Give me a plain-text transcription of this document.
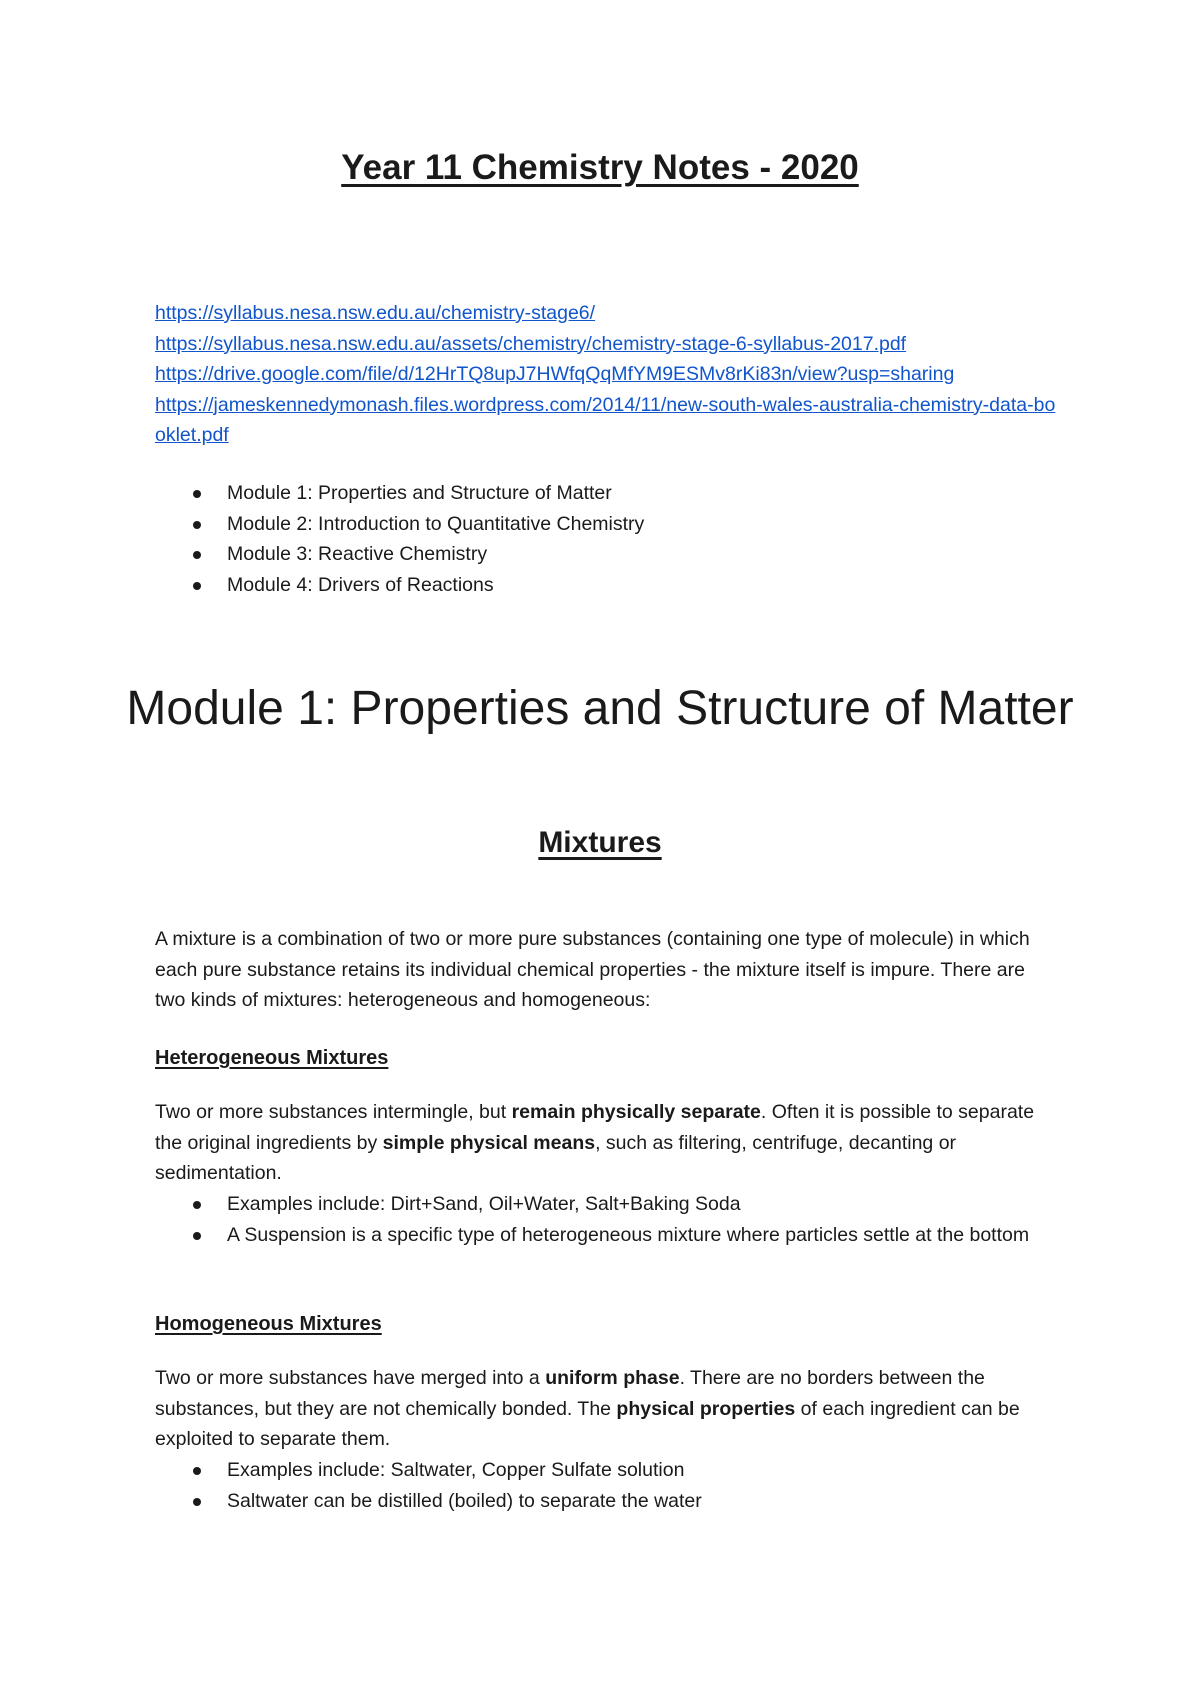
Year 11 Chemistry Notes - 2020
https://syllabus.nesa.nsw.edu.au/chemistry-stage6/
https://syllabus.nesa.nsw.edu.au/assets/chemistry/chemistry-stage-6-syllabus-2017.pdf
https://drive.google.com/file/d/12HrTQ8upJ7HWfqQqMfYM9ESMv8rKi83n/view?usp=sharing
https://jameskennedymonash.files.wordpress.com/2014/11/new-south-wales-australia-chemistry-data-booklet.pdf
Module 1: Properties and Structure of Matter
Module 2: Introduction to Quantitative Chemistry
Module 3: Reactive Chemistry
Module 4: Drivers of Reactions
Module 1: Properties and Structure of Matter
Mixtures

A mixture is a combination of two or more pure substances (containing one type of molecule) in which each pure substance retains its individual chemical properties - the mixture itself is impure. There are two kinds of mixtures: heterogeneous and homogeneous:

Heterogeneous Mixtures

Two or more substances intermingle, but remain physically separate. Often it is possible to separate the original ingredients by simple physical means, such as filtering, centrifuge, decanting or sedimentation.

Examples include: Dirt+Sand, Oil+Water, Salt+Baking Soda
A Suspension is a specific type of heterogeneous mixture where particles settle at the bottom
Homogeneous Mixtures

Two or more substances have merged into a uniform phase. There are no borders between the substances, but they are not chemically bonded. The physical properties of each ingredient can be exploited to separate them.

Examples include: Saltwater, Copper Sulfate solution
Saltwater can be distilled (boiled) to separate the water
